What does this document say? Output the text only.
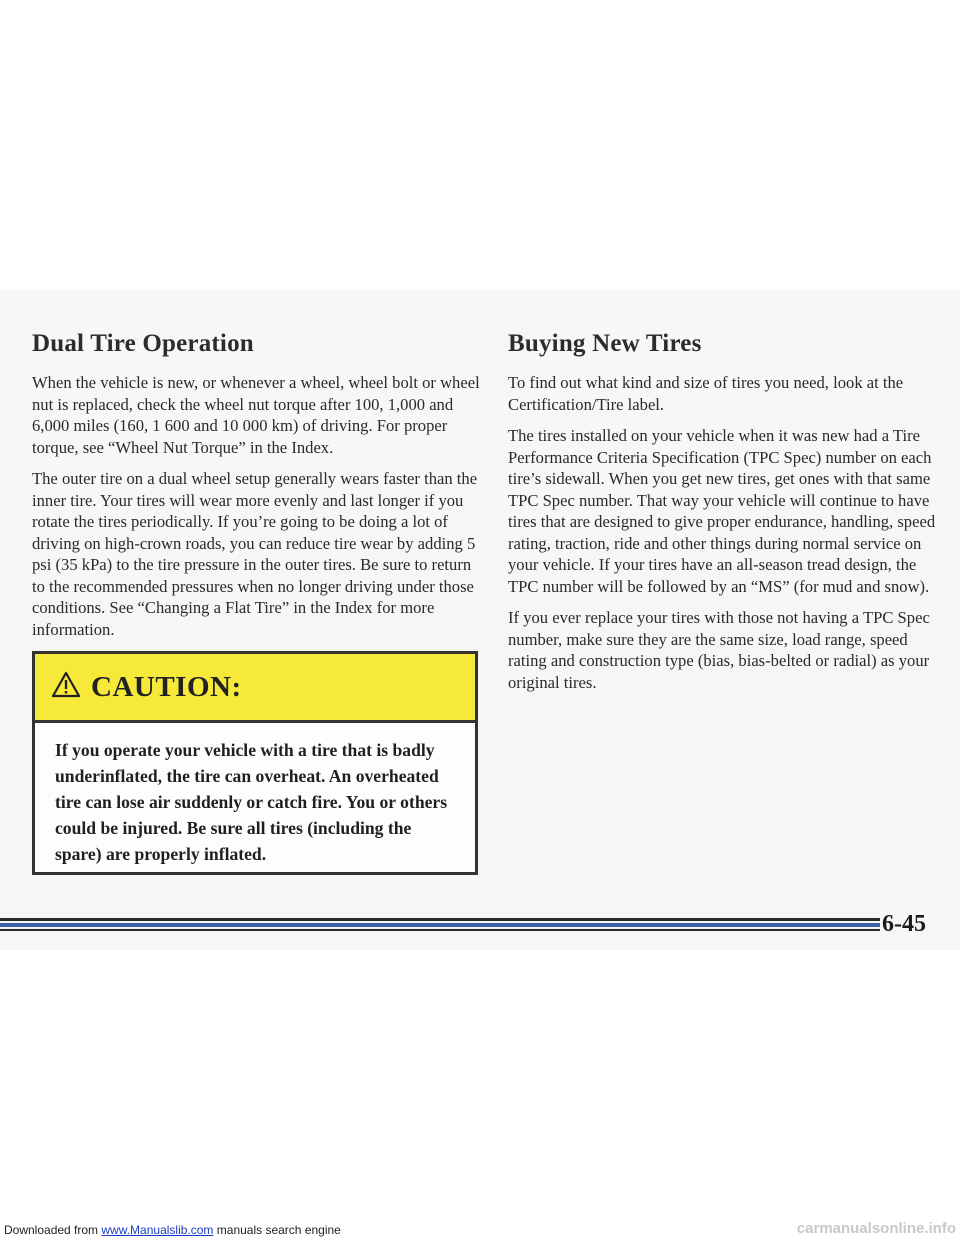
Dual Tire Operation

When the vehicle is new, or whenever a wheel, wheel bolt or wheel nut is replaced, check the wheel nut torque after 100, 1,000 and 6,000 miles (160, 1 600 and 10 000 km) of driving. For proper torque, see “Wheel Nut Torque” in the Index.

The outer tire on a dual wheel setup generally wears faster than the inner tire. Your tires will wear more evenly and last longer if you rotate the tires periodically. If you’re going to be doing a lot of driving on high-crown roads, you can reduce tire wear by adding 5 psi (35 kPa) to the tire pressure in the outer tires. Be sure to return to the recommended pressures when no longer driving under those conditions. See “Changing a Flat Tire” in the Index for more information.

CAUTION:
If you operate your vehicle with a tire that is badly underinflated, the tire can overheat. An overheated tire can lose air suddenly or catch fire. You or others could be injured. Be sure all tires (including the spare) are properly inflated.
Buying New Tires

To find out what kind and size of tires you need, look at the Certification/Tire label.

The tires installed on your vehicle when it was new had a Tire Performance Criteria Specification (TPC Spec) number on each tire’s sidewall. When you get new tires, get ones with that same TPC Spec number. That way your vehicle will continue to have tires that are designed to give proper endurance, handling, speed rating, traction, ride and other things during normal service on your vehicle. If your tires have an all-season tread design, the TPC number will be followed by an “MS” (for mud and snow).

If you ever replace your tires with those not having a TPC Spec number, make sure they are the same size, load range, speed rating and construction type (bias, bias-belted or radial) as your original tires.

6-45
Downloaded from www.Manualslib.com manuals search engine	carmanualsonline.info
